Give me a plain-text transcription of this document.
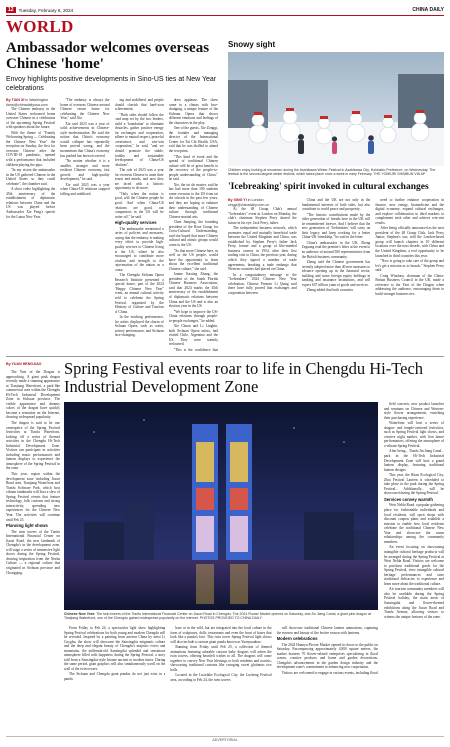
12	Tuesday, February 6, 2024	CHINA DAILY
WORLD
Ambassador welcomes overseas Chinese 'home'
Envoy highlights positive developments in Sino-US ties at New Year celebrations
By TIAN XI in Washington
tianxi@chinadailyusa.com

The Chinese embassy in the United States welcomed home overseas Chinese in a celebration of the upcoming Spring Festival with speakers about the future.

With the theme of "Family Welcoming Spring — Celebrating the Chinese New Year" the reception on Sunday, the first for overseas Chinese after the COVID-19 pandemic, opened with a performance that included children playing the pipa.

"In my vision the ambassador in the US gathered Chinese in the United States so they could celebrate", the chamber said.

A short video highlighting the 45th anniversary of the establishment of diplomatic relations between China and the US was played before Ambassador Xie Feng's speech for the Lunar New Year.

"The embassy is always the home of overseas Chinese around Chinese return home for celebrating the Chinese New Year," said Xie.

Xie said 2023 was a year of solid achievements in Chinese-style modernization. He said the notion that China's economy would collapse has repeatedly been proved wrong, and the momentum that China's economy has pushed has been recovered.

"No matter whether it is a smaller, stronger and more resilient Chinese economy, fast growth and high-quality development," he said.

Xie said 2023 was a year when China-US relations stopped falling and stabilized.

ing and stabilized, and people should cherish that hard-won achievement.

"Both sides should follow the road map set by the two leaders, build a 'foundation' to eliminate obstacles, gather positive energy for exchanges and cooperation, adhere to mutual respect, peaceful coexistence, and win-win cooperation," he said, "and we should promote the stable, healthy and sustainable development of China-US relations".

The role of 2023 was a year for overseas Chinese to unite their hearts and minds, and now they are faced with a historic opportunity to do more.

"Only when the nation is good, will the Chinese people be good. And when China-US relations are good, our compatriots in the US will be better off," he said.

High-quality services

The ambassador mentioned a series of policies and measures, saying that the embassy is making every effort to provide high-quality services to Chinese living in the US, where he also encouraged to contribute more wisdom and strength to the rejuvenation of the nation as a cause.

The Chengdu Sichuan Opera Research Institute presented a special dance, part of the 2024 "Happy Chinese New Year" event, an annual cultural activity held to celebrate the Spring Festival, organized by the Ministry of Culture and Tourism of China.

In the teaching performance, the artists displayed the charm of Sichuan Opera, such as water, pottery performance, and Sichuan face-changing.

drew applause. The show came to a climax with face-changing, a unique feature of the Sichuan Opera that shows different emotions and feelings of the characters in the play.

One of the guests, Xie Zongqi, the founder and managing director of the International Center for Tai Chi Health, USA, said that he was thrilled to attend the reception.

"This kind of event and the spread of traditional Chinese culture will be of great benefit to the recovery of the people-to-people understanding of China," he said.

Xie, the tai chi master, said he has had more than 100 students come overseas to the US from tai chi schools in the past few years, and they are hoping to enhance their understanding of Chinese culture through traditional Chinese martial arts.

Chen Jianping, the founding president of the Rose Group for Cross-Cultural Understanding, said she hoped that more Chinese cultural and artistic groups would come to the US.

"So that more Chinese here, as well as the US people, would have the opportunity to learn about the excellent traditional Chinese culture," she said.

Janine Kasting Zhang, the president of the South Florida Chinese Business Association, said that 2024 marks the 45th anniversary of the establishment of diplomatic relations between China and the US and is also an election year in the US.

"We hope to improve the US-China relations through people-to-people exchanges," he added.

Xie Chuan and Li Lingbin, both Sichuan Opera artists, had visited Chile, Argentina and the US. They were warmly welcomed.

"This is the confidence that

Snowy sight
Children enjoy looking at snowmen during the Asahikawa Winter Festival in Asahikawa City, Hokkaido Prefecture, on Wednesday. The festival is the second-largest winter festival, which takes place once a week in early February. THE YOMIURI SHIMBUN VIA AP
'Icebreaking' spirit invoked in cultural exchanges
By XING YI in London
xingyi@chinadaily.com.cn

At the 48 Group Club's annual "Icebreakers" event in London on Monday, the club's chairman Stephen Perry shared the future in his eye, Jack Perry, father.

The independent business network, which promotes equal and mutually beneficial trade between the United Kingdom and China, was established by Stephen Perry's father Jack Perry, former and a group of like-minded business owners in 1954, after their first trading visit to China, the previous year, during which they signed a number of trade agreements, breaking a trade embargo that Western countries had placed on China.

In a congratulatory message to the "Icebreakers" 2024 Chinese New Year celebration, Chinese Premier Li Qiang said there have fully proved that exchanges and cooperation between

China and the UK are not only in the fundamental interests of both sides, but also contribute to world peace and prosperity.

"The historic contributions made by the older generation of friends here in the UK will be remembered forever. And I believe that the new generation of 'Icebreakers' will carry on their legacy and keep working for a better China-UK friendship," he said in the letter.

China's ambassador in the UK, Zheng Zeguang read the premier's letter at the event to an audience of around 500 representatives from the British business community.

Zheng said the Chinese government has recently adopted more than 40 new measures to advance opening up in the financial sector, building and some foreign equity holdings in banking and insurance institutions, and will expect 637 trillion yuan of goods and services.

Zheng added that both countries

need to further enhance cooperation in finance, new energy, biomedicine and the digital economy, expand cultural exchanges, and explore collaboration in third markets to complement each other and achieve win-win results.

After being officially announced as the next president of the 48 Group Club, Jack Perry Junior, Stephen's son, told the London-based group will launch chapters in 10 different locations over the next decade, with China and the United Kingdom, a real opportunity to be launched in third countries this year.

"Now is going to take care of the group and let's get a mission as to launch," Stephen Perry said.

Craig Winshaw, chairman of the China-Britain Business Council in the UK, made a reference to the Year of the Dragon when addressing the audience, encouraging them to build stronger business ties.

By YUAN HENGJIAO Spring Festival events roar to life in Chengdu Hi-Tech Industrial Development Zone

The Year of the Dragon is approaching. A giant pink dragon recently made a stunning appearance at Tianjiang Waterfront, a park-like commercial area within the Chengdu Hi-Tech Industrial Development Zone in Sichuan province. The visible appearance and dreamy colors of the dragon have quickly become a sensation on the Internet, drawing widespread popularity.

The dragon is said to be one centerpiece of the Spring Festival festivities at Tianfu Waterfront, kicking off a series of themed activities in the Chengdu Hi-Tech Industrial Development Zone. Visitors can participate in activities including music performances and lantern displays to experience the atmosphere of the Spring Festival in the zone.

This year, region within the development zone including Jiaozi Bond area, Tianjiang Waterfront and Tianfu Software Park, which host vibrant landmarks will host a slew of Spring Festival events that feature technology, folk customs and strong interactivity, spreading new experiences for the Chinese New Year. The activities will continue until Feb 25.

Planning light shows

The twin towers of the Tianfu International Financial Center on Jiaozi Road, the new landmark of Chengdu's in the development zone, will stage a series of immersive light shows during the Spring Festival, drawing inspiration from the Nezha Culture — a regional culture that originated in Sichuan province and Chongqing.

Chinese New Year: The twin towers of the Tianfu International Financial Center on Jiaozi Road in Chengdu. The 2024 Flower Market opened on Saturday, and Jin Jiang Canal, a giant pink dragon at Tianjiang Waterfront, one of the Chengdu gained widespread popularity on the internet. PHOTOS PROVIDED TO CHINA DAILY

From Friday to Feb 24, a spectacular light show highlighting Spring Festival celebrations for both young and modern Chengdu will be revealed. Inspired by a painting from ancient China by artist Li Cuyghu, the show will showcase the Sanxingdui enigmatic culture and the deep and elegant beauty of Chengdu's majestic rivers and mountains, the millennia-old Sanxingdui splendid and sensations atmosphere filled with happiness during the Spring Festival, a story told from a Sanxingdui-style bronze ancient to modern times. During the same period, giant graphics will also simultaneously scroll on the wall of the twin towers.

The Sichuan and Chengdu giant pandas do not just exist in a panda

base or in the wild, but are integrated into the local culture in the form of sculptures, dolls, restaurants and even the front of buses that look like a panda's face. This twin tower Spring Festival light shows will also include a cartoon giant panda known as Yuanyuanbao.

Running from Friday until Feb 25, a collection of themed animations featuring adorable cartoon baby dragons will adorn the twin towers, offering heartfelt wishes to all. The dragons will come together to convey New Year blessings to both residents and tourists, showcasing traditional customs like swinging sweet glutinous rice balls.

Located in the Luxelake Ecological City, the Lucheng Festival area, according to Feb 24, the twin towers

will showcase traditional Chinese lantern animations, capturing the essence and beauty of the festive season with lanterns.

Modern celebrations

The 2024 Huanyu Flower Market opened its doors to the public on Saturday. Encompassing approximately 4,800 square meters, the market features 70 flower-related enterprises specializing in floral scenes, creative products and home and garden decorations. Chengdu's advancements in the garden design industry and the development zone's commitment to enhancing new cooperation.

Visitors are welcomed to engage in various events, including floral

field concerts, new product launches and seminars on Chinese and Western-style flower arrangements, enriching their purchasing experience.

Waterfront will host a series of dragon- and temple-centered festivities, such as Spring Festival light shows, and creative night market, with lion dance performances, offering the atmosphere of a vibrant Spring Festival.

After being... Tianfu Jin Jiang Canal... park in the Hi-Tech Industrial Development Zone will host a grand lantern display, featuring traditional lantern designs.

This year, the Ritan Ecological City, Zhai Festival Lantern is scheduled to take place in the park during the Spring Festival... Additionally... will be showcased during the Spring Festival.

Services convey warmth

West Nelda Road, a popular gathering place for fashionable individuals and local residents, will open shops with discount coupon plans and establish a mission to enable how local residents celebrate the traditional Chinese New Year and showcase the warm relationships among the community members.

An event focusing on showcasing intangible cultural heritage products will be arranged during the Spring Festival at West Nelda Road. Visitors are welcome to purchase traditional goods for the Spring Festival, view intangible cultural heritage performances and taste traditional delicacies to experience and learn more about the traditional culture.

Air tourism community members will also be available during the Spring Festival holiday, the main areas of Sanxingdui and flower-themed exhibitions along the Jiaozi Road and Tianfu Avenue, allowing visitors to witness the unique features of the zone.

ADVERTORIAL
